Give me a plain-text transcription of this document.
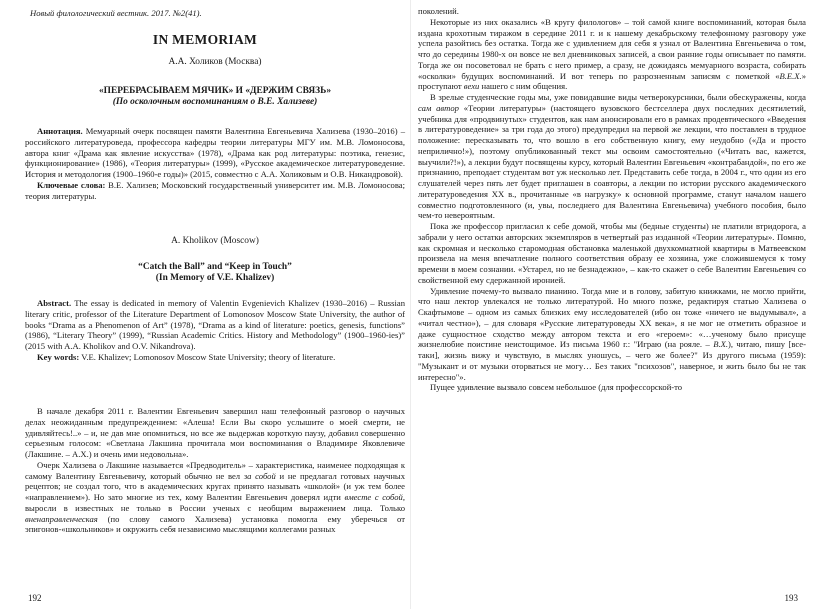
Новый филологический вестник. 2017. №2(41).
IN MEMORIAM
А.А. Холиков (Москва)
«ПЕРЕБРАСЫВАЕМ МЯЧИК» И «ДЕРЖИМ СВЯЗЬ»
(По осколочным воспоминаниям о В.Е. Хализеве)

Аннотация. Мемуарный очерк посвящен памяти Валентина Евгеньевича Хализева (1930–2016) – российского литературоведа, профессора кафедры теории литературы МГУ им. М.В. Ломоносова, автора книг «Драма как явление искусства» (1978), «Драма как род литературы: поэтика, генезис, функционирование» (1986), «Теория литературы» (1999), «Русское академическое литературоведение. История и методология (1900–1960-е годы)» (2015, совместно с А.А. Холиковым и О.В. Никандровой).

Ключевые слова: В.Е. Хализев; Московский государственный университет им. М.В. Ломоносова; теория литературы.

A. Kholikov (Moscow)
“Catch the Ball” and “Keep in Touch”
(In Memory of V.E. Khalizev)

Abstract. The essay is dedicated in memory of Valentin Evgenievich Khalizev (1930–2016) – Russian literary critic, professor of the Literature Department of Lomonosov Moscow State University, the author of books “Drama as a Phenomenon of Art” (1978), “Drama as a kind of literature: poetics, genesis, functions” (1986), “Literary Theory” (1999), “Russian Academic Critics. History and Methodology” (1900–1960-ies)” (2015 with A.A. Kholikov and O.V. Nikandrova).

Key words: V.E. Khalizev; Lomonosov Moscow State University; theory of literature.

В начале декабря 2011 г. Валентин Евгеньевич завершил наш телефонный разговор о научных делах неожиданным предупреждением: «Алеша! Если Вы скоро услышите о моей смерти, не удивляйтесь!..» – и, не дав мне опомниться, но все же выдержав короткую паузу, добавил совершенно серьезным голосом: «Светлана Лакшина прочитала мои воспоминания о Владимире Яковлевиче (Лакшине. – А.Х.) и очень ими недовольна».

Очерк Хализева о Лакшине называется «Предводитель» – характеристика, наименее подходящая к самому Валентину Евгеньевичу, который обычно не вел за собой и не предлагал готовых научных рецептов; не создал того, что в академических кругах принято называть «школой» (и уж тем более «направлением»). Но зато многие из тех, кому Валентин Евгеньевич доверял идти вместе с собой, выросли в известных не только в России ученых с необщим выражением лица. Только вненаправленческая (по слову самого Хализева) установка помогла ему уберечься от эпигонов-«школьников» и окружить себя независимо мыслящими коллегами разных

192

поколений.

Некоторые из них оказались «В кругу филологов» – той самой книге воспоминаний, которая была издана крохотным тиражом в середине 2011 г. и к нашему декабрьскому телефонному разговору уже успела разойтись без остатка. Тогда же с удивлением для себя я узнал от Валентина Евгеньевича о том, что до середины 1980-х он вовсе не вел дневниковых записей, а свои ранние годы описывает по памяти. Тогда же он посоветовал не брать с него пример, а сразу, не дожидаясь мемуарного возраста, собирать «осколки» будущих воспоминаний. И вот теперь по разрозненным записям с пометкой «В.Е.Х.» проступают вехи нашего с ним общения.

В зрелые студенческие годы мы, уже повидавшие виды четверокурсники, были обескуражены, когда сам автор «Теории литературы» (настоящего вузовского бестселлера двух последних десятилетий, учебника для «продвинутых» студентов, как нам анонсировали его в рамках продевтического «Введения в литературоведение» за три года до этого) предупредил на первой же лекции, что поставлен в трудное положение: пересказывать то, что вошло в его собственную книгу, ему неудобно («Да и просто неприлично!»), поэтому опубликованный текст мы освоим самостоятельно («Читать вас, кажется, выучили?!»), а лекции будут посвящены курсу, который Валентин Евгеньевич «контрабандой», по его же признанию, преподает студентам вот уж несколько лет. Представить себе тогда, в 2004 г., что один из его слушателей через пять лет будет приглашен в соавторы, а лекции по истории русского академического литературоведения XX в., прочитанные «в нагрузку» к основной программе, станут началом нашего совместно подготовленного (и, увы, последнего для Валентина Евгеньевича) учебного пособия, было чем-то невероятным.

Пока же профессор пригласил к себе домой, чтобы мы (бедные студенты) не платили втридорога, а забрали у него остатки авторских экземпляров в четвертый раз изданной «Теории литературы». Помню, как скромная и несколько старомодная обстановка маленькой двухкомнатной квартиры в Матвеевском произвела на меня впечатление полного соответствия образу ее хозяина, уже сложившемуся к тому времени в моем сознании. «Устарел, но не безнадежно», – как-то скажет о себе Валентин Евгеньевич со свойственной ему сдержанной иронией.

Удивление почему-то вызвало пианино. Тогда мне и в голову, забитую книжками, не могло прийти, что наш лектор увлекался не только литературой. Но много позже, редактируя статью Хализева о Скафтымове – одном из самых близких ему исследователей (ибо он тоже «ничего не выдумывал», а «читал честно»), – для словаря «Русские литературоведы XX века», я не мог не отметить образное и даже сущностное сходство между автором текста и его «героем»: «…ученому было присуще жизнелюбие поистине неистощимое. Из письма 1960 г.: "Играю (на рояле. – В.Х.), читаю, пишу [все-таки], жизнь вижу и чувствую, в мыслях уношусь, – чего же более?" Из другого письма (1959): "Музыкант и от музыки оторваться не могу… Без таких "психозов", наверное, и жить было бы не так интересно"».

Пущее удивление вызвало совсем небольшое (для профессорской-то

193
